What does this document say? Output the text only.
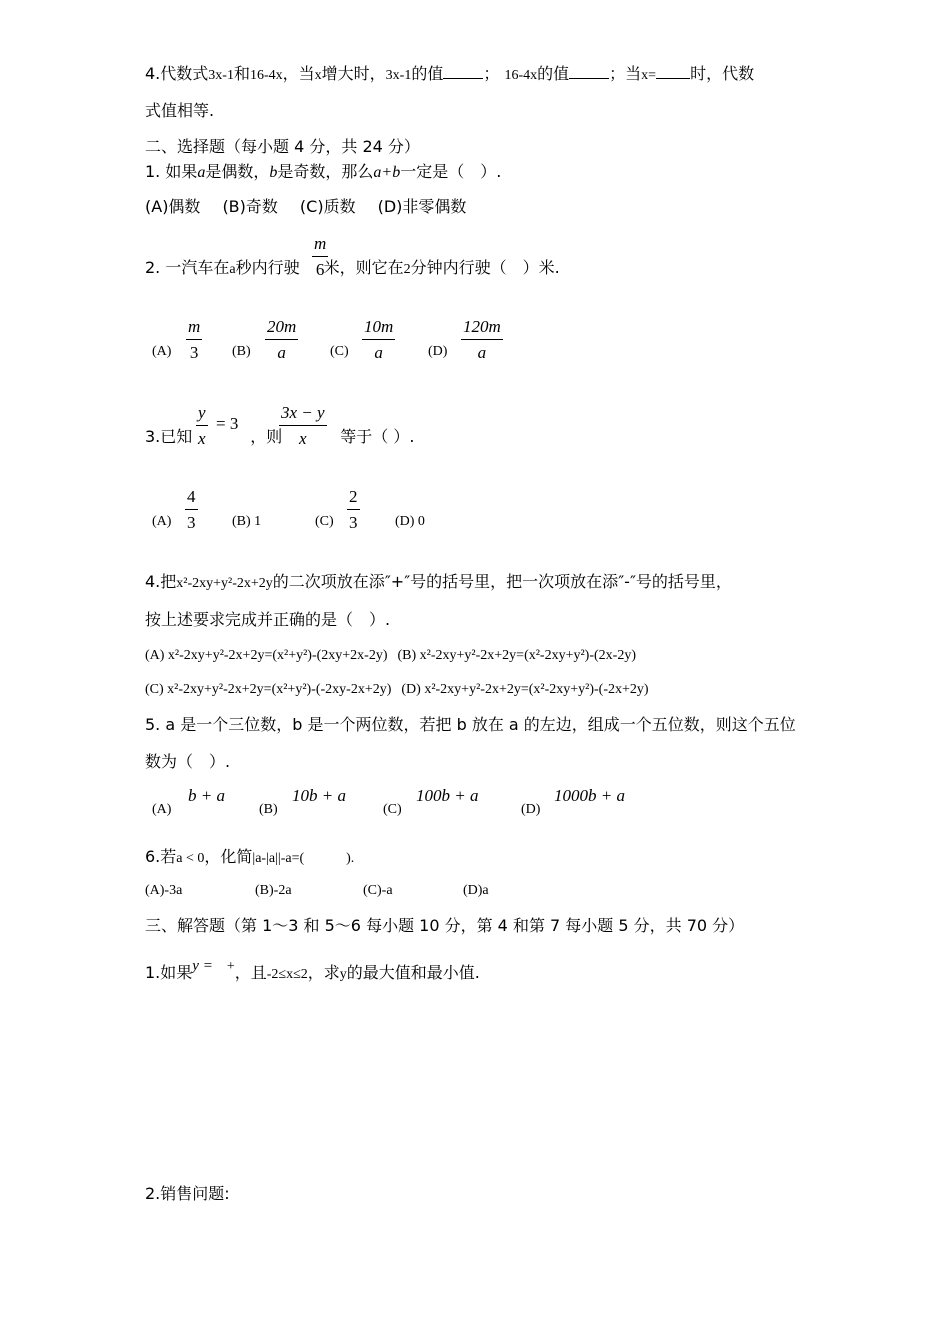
4.代数式3x-1和16-4x，当x增大时，3x-1的值	； 16-4x的值	；当x= 时，代数
式值相等.
二、选择题（每小题 4 分，共 24 分）
1. 如果a是偶数，b是奇数，那么a+b一定是（　）.
(A)偶数 (B)奇数 (C)质数 (D)非零偶数
2. 一汽车在a秒内行驶 米，则它在2分钟内行驶（　）米.
$\frac{m}{6}$
$(A) \frac{m}{3} (B) \frac{20m}{a} (C) \frac{10m}{a} (D) \frac{120m}{a}$
3.已知	，则	等于（ ）.
$\frac{y}{x} = 3 \frac{3x - y}{x}$
$(A) \frac{4}{3} (B)$ 1	$(C) \frac{2}{3}$	(D) 0
4.把x²-2xy+y²-2x+2y的二次项放在添″+″号的括号里，把一次项放在添″-″号的括号里，
按上述要求完成并正确的是（　）.
(A) x²-2xy+y²-2x+2y=(x²+y²)-(2xy+2x-2y) (B) x²-2xy+y²-2x+2y=(x²-2xy+y²)-(2x-2y)
(C) x²-2xy+y²-2x+2y=(x²+y²)-(-2xy-2x+2y) (D) x²-2xy+y²-2x+2y=(x²-2xy+y²)-(-2x+2y)
5. a 是一个三位数，b 是一个两位数，若把 b 放在 a 的左边，组成一个五位数，则这个五位
数为（　）.
(A)
b + a
(B)
10b + a
(C)
100b + a
(D)
1000b + a
6.若a < 0，化简|a-|a||-a=(　　　).
(A)-3a	(B)-2a	(C)-a	(D)a
三、解答题（第 1～3 和 5～6 每小题 10 分，第 4 和第 7 每小题 5 分，共 70 分）
1.如果y = +，且-2≤x≤2，求y的最大值和最小值.
2.销售问题:
